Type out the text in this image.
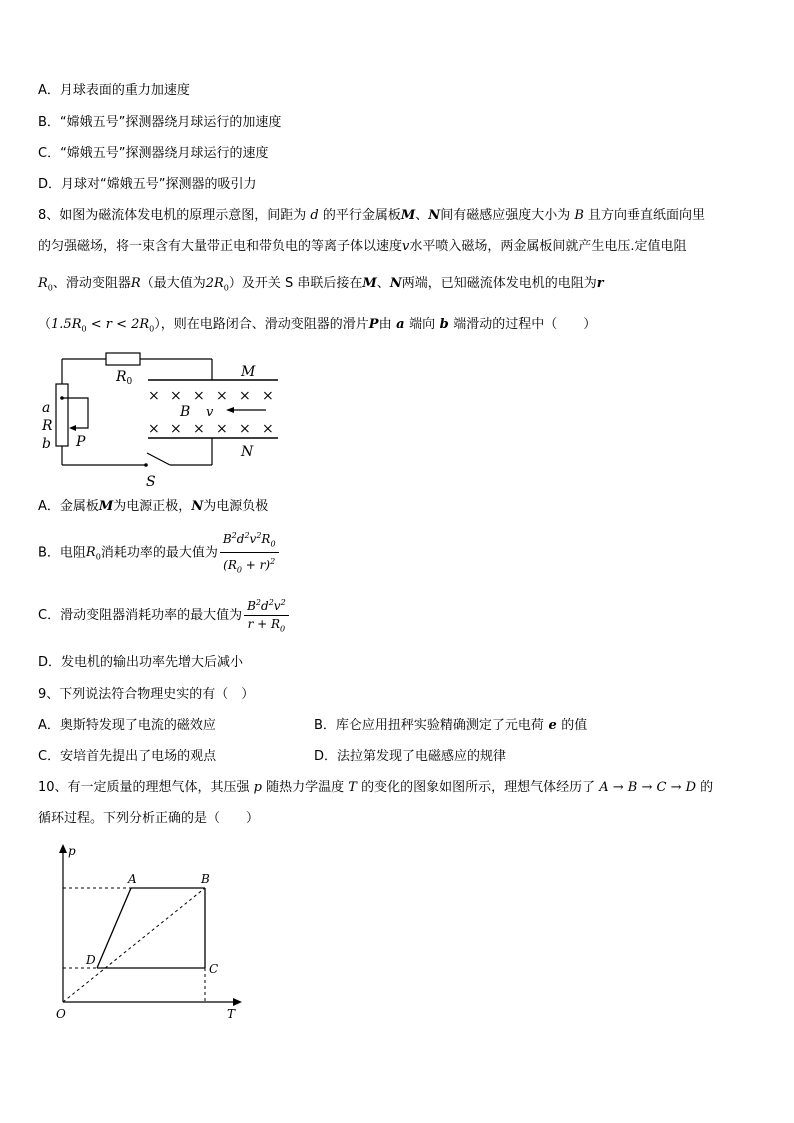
A．月球表面的重力加速度
B．“嫦娥五号”探测器绕月球运行的加速度
C．“嫦娥五号”探测器绕月球运行的速度
D．月球对“嫦娥五号”探测器的吸引力
8、如图为磁流体发电机的原理示意图，间距为 d 的平行金属板M、N间有磁感应强度大小为 B 且方向垂直纸面向里
的匀强磁场，将一束含有大量带正电和带负电的等离子体以速度v水平喷入磁场，两金属板间就产生电压.定值电阻
$R_0$、滑动变阻器R（最大值为$2R_0$）及开关 S 串联后接在M、N两端，已知磁流体发电机的电阻为r
$(1.5R_0 < r < 2R_0)$，则在电路闭合、滑动变阻器的滑片P由 a 端向 b 端滑动的过程中（　　）
× × × × × ×
× × × × × ×
$R_0$
M
N
B v
a
R
b P
S
A．金属板M为电源正极，N为电源负极
B．电阻$R_0$消耗功率的最大值为 $\frac{B^2d^2v^2R_0}{(R_0 + r)^2}$
C．滑动变阻器消耗功率的最大值为 $\frac{B^2d^2v^2}{r + R_0}$
D．发电机的输出功率先增大后减小
9、下列说法符合物理史实的有（　）
A．奥斯特发现了电流的磁效应	B．库仑应用扭秤实验精确测定了元电荷 e 的值
C．安培首先提出了电场的观点	D．法拉第发现了电磁感应的规律
10、有一定质量的理想气体，其压强 p 随热力学温度 T 的变化的图象如图所示，理想气体经历了 A → B → C → D 的
循环过程。下列分析正确的是（　　）
p
T
O
A	B
C
D
